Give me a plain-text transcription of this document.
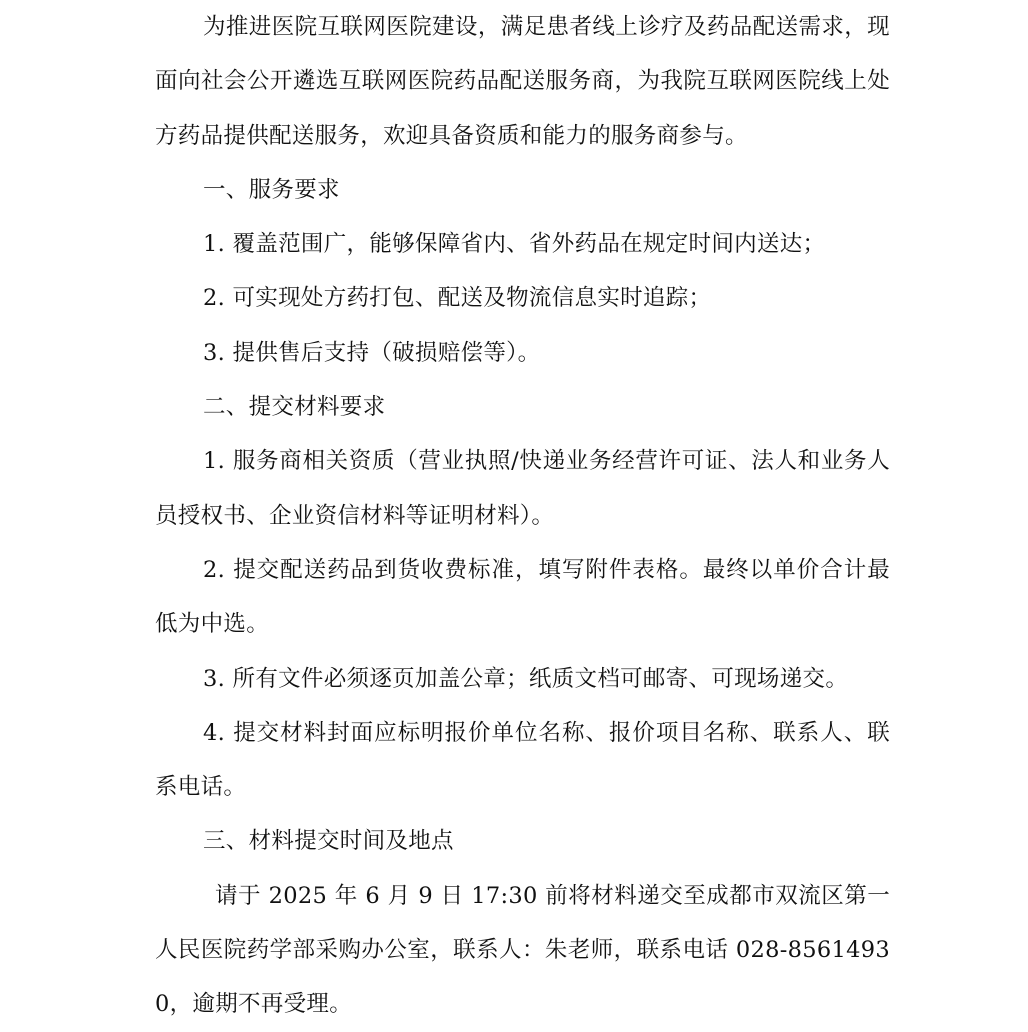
为推进医院互联网医院建设，满足患者线上诊疗及药品配送需求，现面向社会公开遴选互联网医院药品配送服务商，为我院互联网医院线上处方药品提供配送服务，欢迎具备资质和能力的服务商参与。

一、服务要求

1. 覆盖范围广，能够保障省内、省外药品在规定时间内送达；

2. 可实现处方药打包、配送及物流信息实时追踪；

3. 提供售后支持（破损赔偿等）。

二、提交材料要求

1. 服务商相关资质（营业执照/快递业务经营许可证、法人和业务人员授权书、企业资信材料等证明材料）。

2. 提交配送药品到货收费标准，填写附件表格。最终以单价合计最低为中选。

3. 所有文件必须逐页加盖公章；纸质文档可邮寄、可现场递交。

4. 提交材料封面应标明报价单位名称、报价项目名称、联系人、联系电话。

三、材料提交时间及地点

请于 2025 年 6 月 9 日 17:30 前将材料递交至成都市双流区第一人民医院药学部采购办公室，联系人：朱老师，联系电话 028-85614930，逾期不再受理。
